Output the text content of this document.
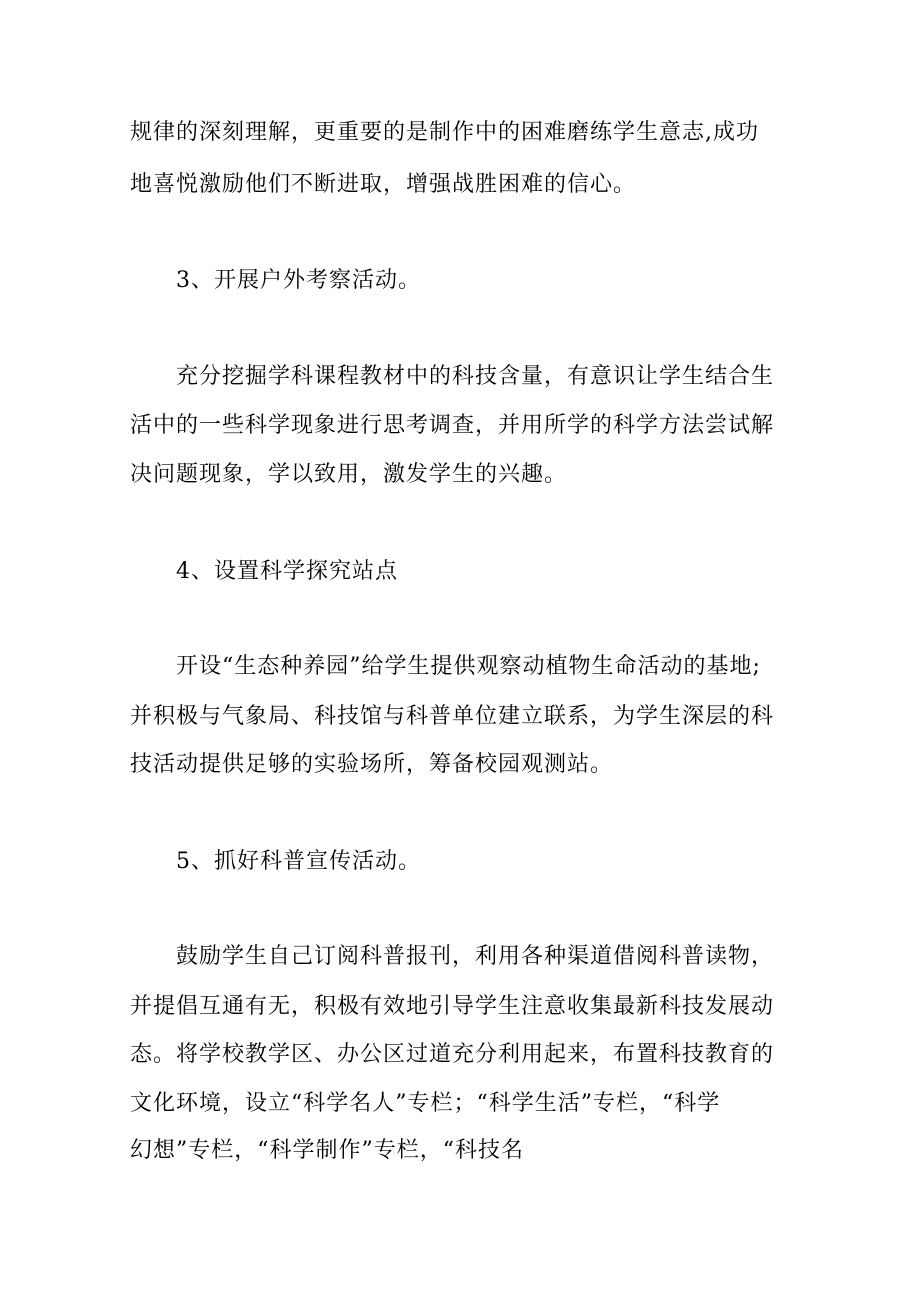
规律的深刻理解，更重要的是制作中的困难磨练学生意志,成功
地喜悦激励他们不断进取，增强战胜困难的信心。
3、开展户外考察活动。
充分挖掘学科课程教材中的科技含量，有意识让学生结合生
活中的一些科学现象进行思考调查，并用所学的科学方法尝试解
决问题现象，学以致用，激发学生的兴趣。
4、设置科学探究站点
开设“生态种养园”给学生提供观察动植物生命活动的基地;
并积极与气象局、科技馆与科普单位建立联系，为学生深层的科
技活动提供足够的实验场所，筹备校园观测站。
5、抓好科普宣传活动。
鼓励学生自己订阅科普报刊，利用各种渠道借阅科普读物，
并提倡互通有无，积极有效地引导学生注意收集最新科技发展动
态。将学校教学区、办公区过道充分利用起来，布置科技教育的
文化环境，设立“科学名人”专栏；“科学生活”专栏，“科学
幻想”专栏，“科学制作”专栏，“科技名
